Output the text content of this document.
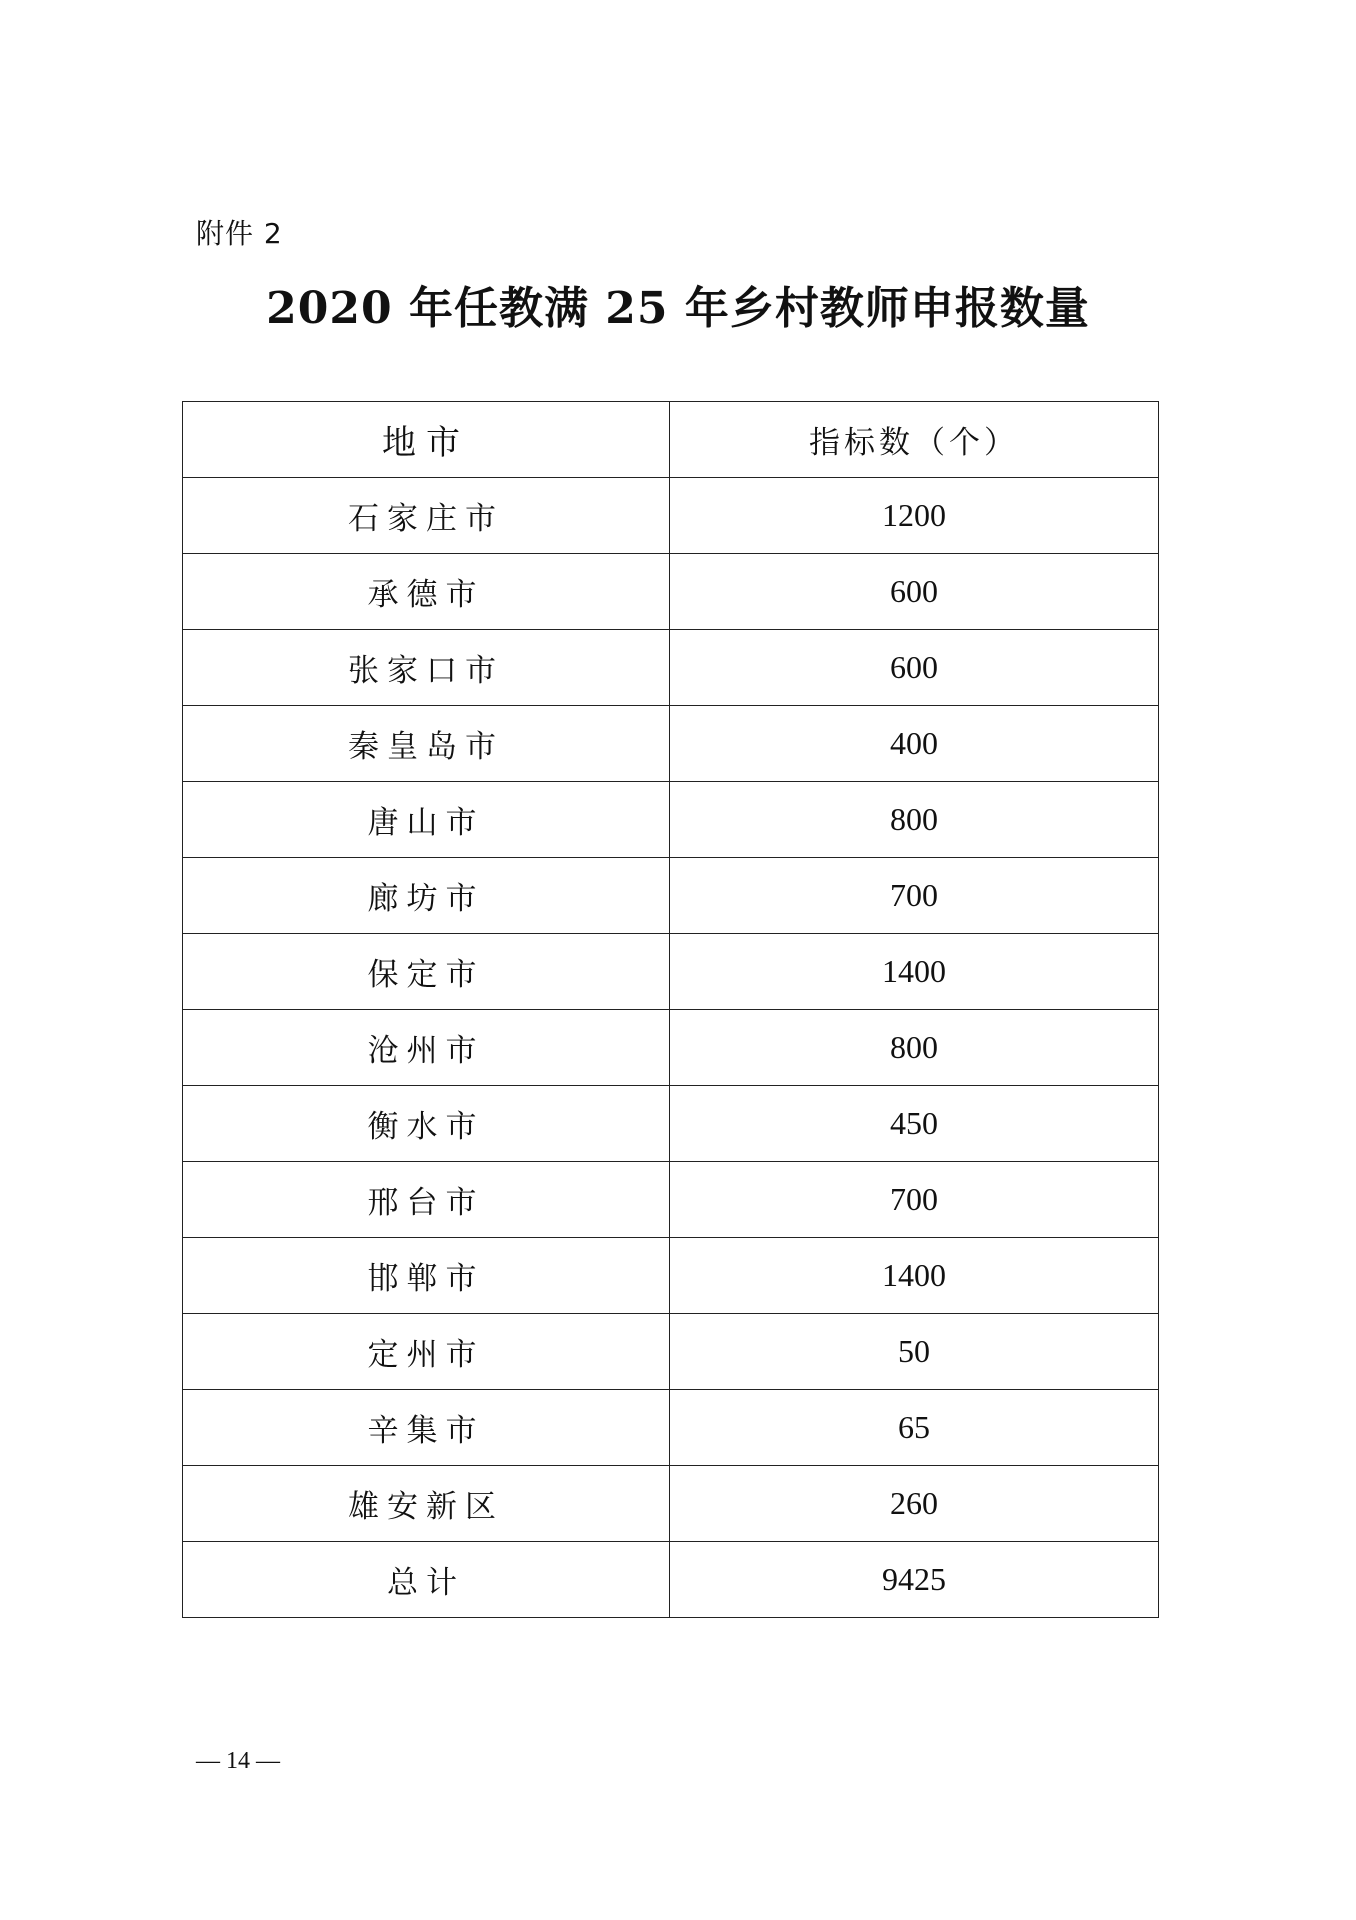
附件 2
2020 年任教满 25 年乡村教师申报数量
地市	指标数（个）
石家庄市	1200
承德市	600
张家口市	600
秦皇岛市	400
唐山市	800
廊坊市	700
保定市	1400
沧州市	800
衡水市	450
邢台市	700
邯郸市	1400
定州市	50
辛集市	65
雄安新区	260
总计	9425
— 14 —
